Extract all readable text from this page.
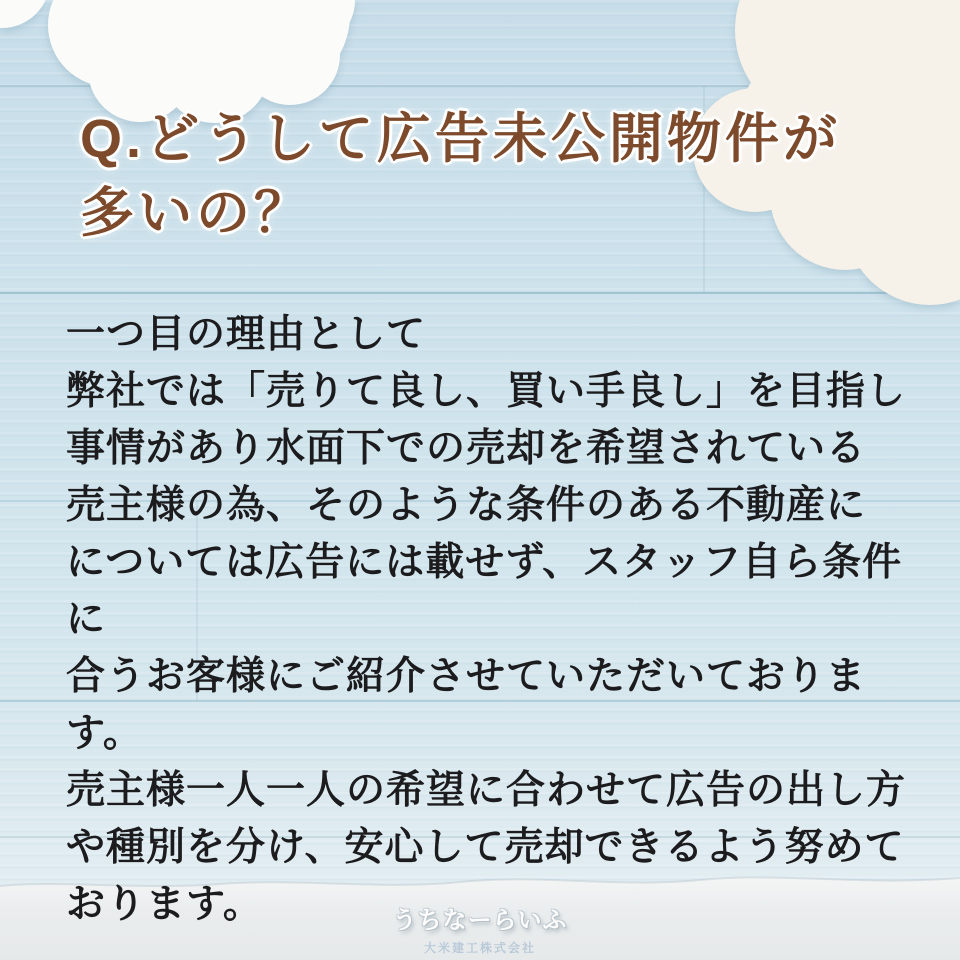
Q.どうして広告未公開物件が
多いの？
一つ目の理由として
弊社では「売りて良し、買い手良し」を目指し
事情があり水面下での売却を希望されている
売主様の為、そのような条件のある不動産に
については広告には載せず、スタッフ自ら条件に
合うお客様にご紹介させていただいておりま
す。
売主様一人一人の希望に合わせて広告の出し方
や種別を分け、安心して売却できるよう努めて
おります。	うちなーらいふ
大米建工株式会社
